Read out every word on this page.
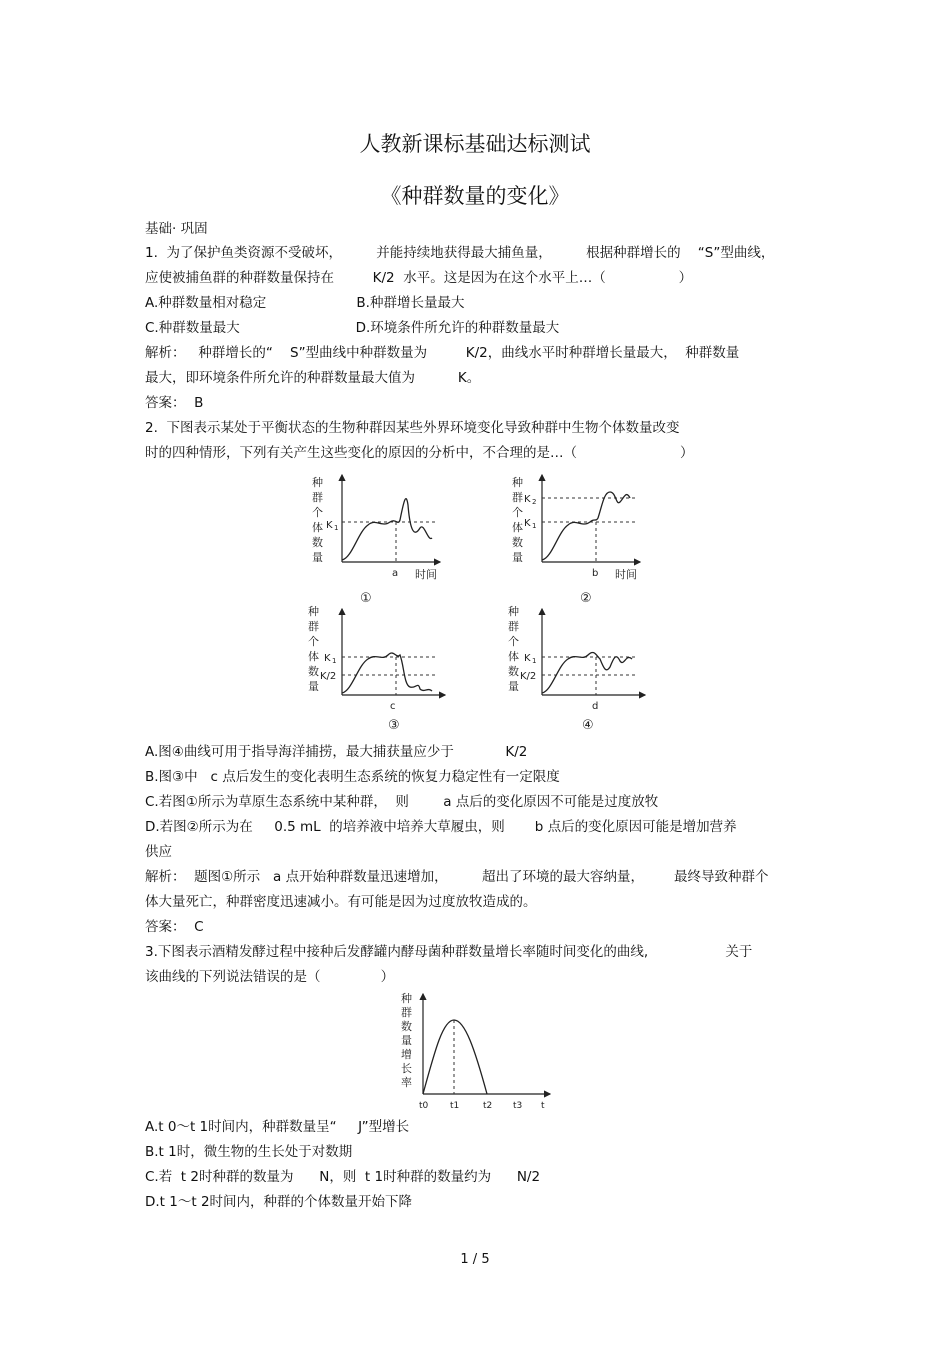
人教新课标基础达标测试
《种群数量的变化》
基础· 巩固
1.  为了保护鱼类资源不受破坏，        并能持续地获得最大捕鱼量，        根据种群增长的    “S”型曲线，
应使被捕鱼群的种群数量保持在         K/2  水平。这是因为在这个水平上…（                 ）
A.种群数量相对稳定                     B.种群增长量最大
C.种群数量最大                           D.环境条件所允许的种群数量最大
解析：   种群增长的“    S”型曲线中种群数量为         K/2，曲线水平时种群增长量最大，  种群数量
最大，即环境条件所允许的种群数量最大值为          K。
答案：  B
2.  下图表示某处于平衡状态的生物种群因某些外界环境变化导致种群中生物个体数量改变
时的四种情形，下列有关产生这些变化的原因的分析中，不合理的是…（                        ）
种
群
个
体
数
量
K 1
a 时间
①
种
群
个
体
数
量
K 2
K 1
b 时间
②
种
群
个
体
数
量
K 1
K/2
c
③
种
群
个
体
数
量
K 1
K/2
d
④
A.图④曲线可用于指导海洋捕捞，最大捕获量应少于            K/2
B.图③中   c 点后发生的变化表明生态系统的恢复力稳定性有一定限度
C.若图①所示为草原生态系统中某种群，  则        a 点后的变化原因不可能是过度放牧
D.若图②所示为在     0.5 mL  的培养液中培养大草履虫，则       b 点后的变化原因可能是增加营养
供应
解析：  题图①所示   a 点开始种群数量迅速增加，        超出了环境的最大容纳量，       最终导致种群个
体大量死亡，种群密度迅速减小。有可能是因为过度放牧造成的。
答案：  C
3.下图表示酒精发酵过程中接种后发酵罐内酵母菌种群数量增长率随时间变化的曲线,                  关于
该曲线的下列说法错误的是（              ）
种
群
数
量
增
长
率
t0 t1	t2 t3 t
A.t 0～t 1时间内，种群数量呈“     J”型增长
B.t 1时，微生物的生长处于对数期
C.若  t 2时种群的数量为      N，则  t 1时种群的数量约为      N/2
D.t 1～t 2时间内，种群的个体数量开始下降
1 / 5
